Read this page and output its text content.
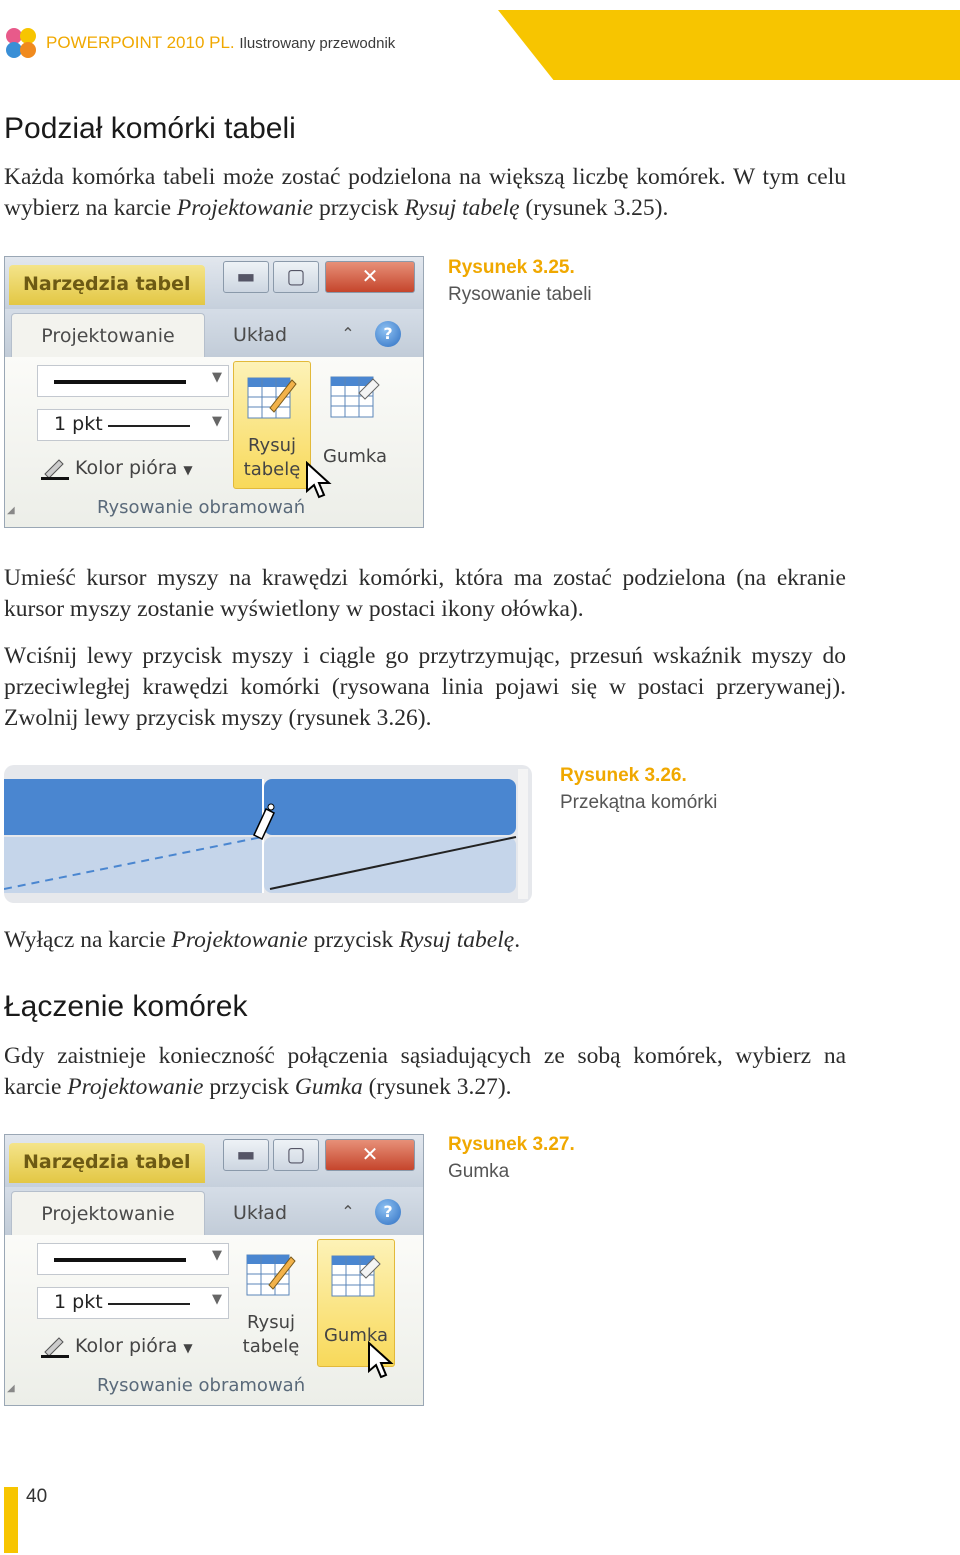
POWERPOINT 2010 PL. Ilustrowany przewodnik
Podział komórki tabeli

Każda komórka tabeli może zostać podzielona na większą liczbę komórek. W tym celu wybierz na karcie Projektowanie przycisk Rysuj tabelę (rysunek 3.25).

Narzędzia tabel	▬	▢	✕
Projektowanie	Układ	⌃	?
▼
1 pkt	▼
Kolor pióra ▼
Rysuj
tabelę
Gumka
◢	Rysowanie obramowań
Rysunek 3.25.
Rysowanie tabeli

Umieść kursor myszy na krawędzi komórki, która ma zostać podzielona (na ekranie kursor myszy zostanie wyświetlony w postaci ikony ołówka).

Wciśnij lewy przycisk myszy i ciągle go przytrzymując, przesuń wskaźnik myszy do przeciwległej krawędzi komórki (rysowana linia pojawi się w postaci przerywanej). Zwolnij lewy przycisk myszy (rysunek 3.26).

Rysunek 3.26.
Przekątna komórki

Wyłącz na karcie Projektowanie przycisk Rysuj tabelę.

Łączenie komórek

Gdy zaistnieje konieczność połączenia sąsiadujących ze sobą komórek, wybierz na karcie Projektowanie przycisk Gumka (rysunek 3.27).

Narzędzia tabel	▬	▢	✕
Projektowanie	Układ	⌃	?
▼
1 pkt	▼
Kolor pióra ▼
Rysuj
tabelę
Gumka
◢	Rysowanie obramowań
Rysunek 3.27.
Gumka
40
